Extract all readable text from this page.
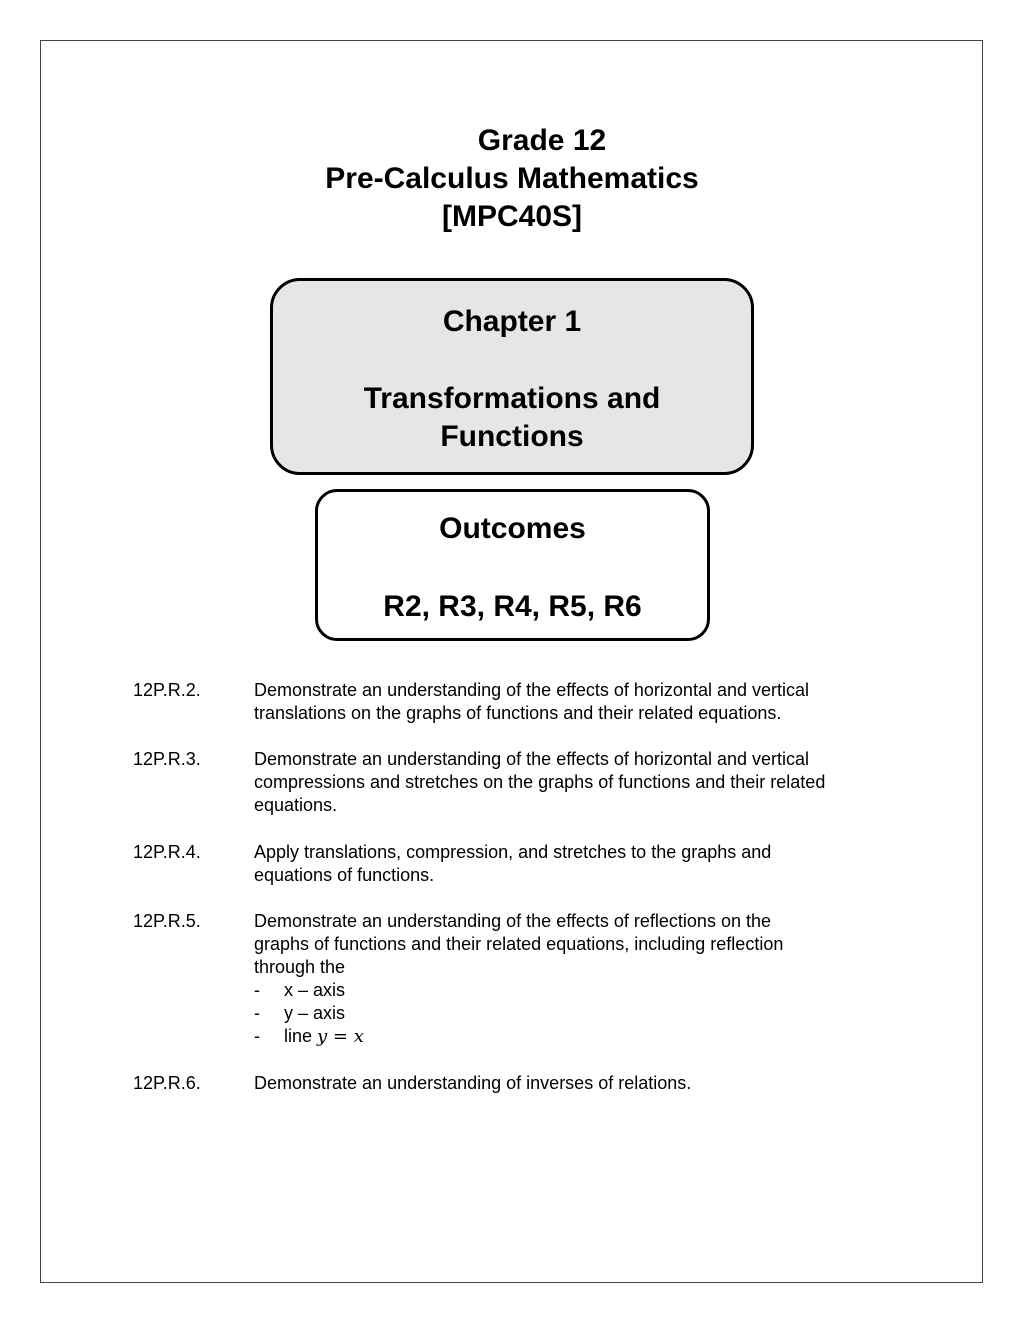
Grade 12
Pre-Calculus Mathematics
[MPC40S]
Chapter 1
Transformations and
Functions
Outcomes
R2, R3, R4, R5, R6
12P.R.2.	Demonstrate an understanding of the effects of horizontal and vertical
translations on the graphs of functions and their related equations.
12P.R.3.	Demonstrate an understanding of the effects of horizontal and vertical
compressions and stretches on the graphs of functions and their related
equations.
12P.R.4.	Apply translations, compression, and stretches to the graphs and
equations of functions.
12P.R.5.	Demonstrate an understanding of the effects of reflections on the
graphs of functions and their related equations, including reflection
through the
- x – axis
- y – axis
- line y = x
12P.R.6.	Demonstrate an understanding of inverses of relations.
